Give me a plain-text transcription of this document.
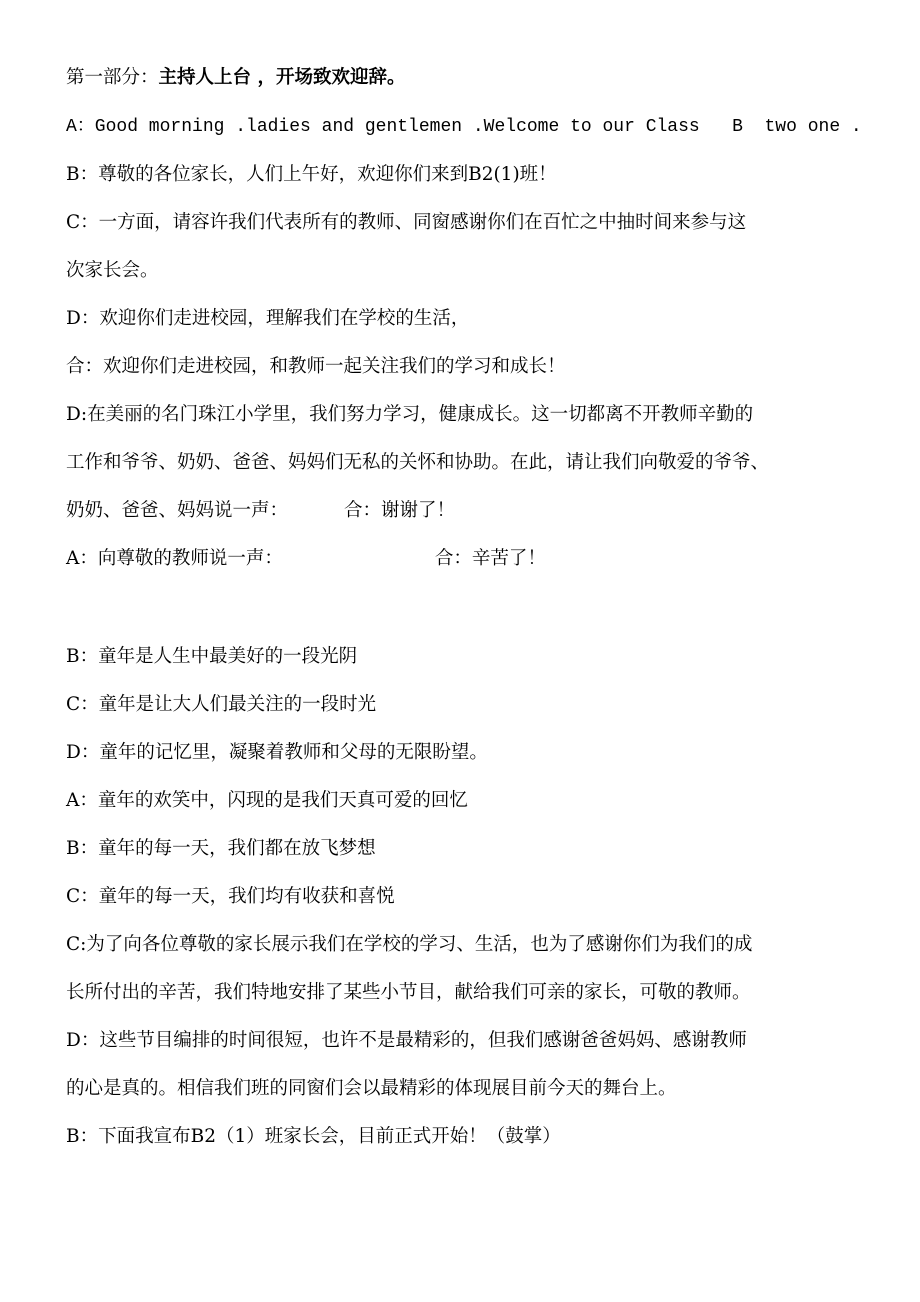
第一部分：主持人上台 ，开场致欢迎辞。
A：Good morning .ladies and gentlemen .Welcome to our Class   B  two one .
B：尊敬的各位家长，人们上午好，欢迎你们来到B2(1)班！
C：一方面，请容许我们代表所有的教师、同窗感谢你们在百忙之中抽时间来参与这
次家长会。
D：欢迎你们走进校园，理解我们在学校的生活，
合：欢迎你们走进校园，和教师一起关注我们的学习和成长！
D:在美丽的名门珠江小学里，我们努力学习，健康成长。这一切都离不开教师辛勤的
工作和爷爷、奶奶、爸爸、妈妈们无私的关怀和协助。在此，请让我们向敬爱的爷爷、
奶奶、爸爸、妈妈说一声：	合：谢谢了！
A：向尊敬的教师说一声：	合：辛苦了！
B：童年是人生中最美好的一段光阴
C：童年是让大人们最关注的一段时光
D：童年的记忆里，凝聚着教师和父母的无限盼望。
A：童年的欢笑中，闪现的是我们天真可爱的回忆
B：童年的每一天，我们都在放飞梦想
C：童年的每一天，我们均有收获和喜悦
C:为了向各位尊敬的家长展示我们在学校的学习、生活，也为了感谢你们为我们的成
长所付出的辛苦，我们特地安排了某些小节目，献给我们可亲的家长，可敬的教师。
D：这些节目编排的时间很短，也许不是最精彩的，但我们感谢爸爸妈妈、感谢教师
的心是真的。相信我们班的同窗们会以最精彩的体现展目前今天的舞台上。
B：下面我宣布B2（1）班家长会，目前正式开始！（鼓掌）
